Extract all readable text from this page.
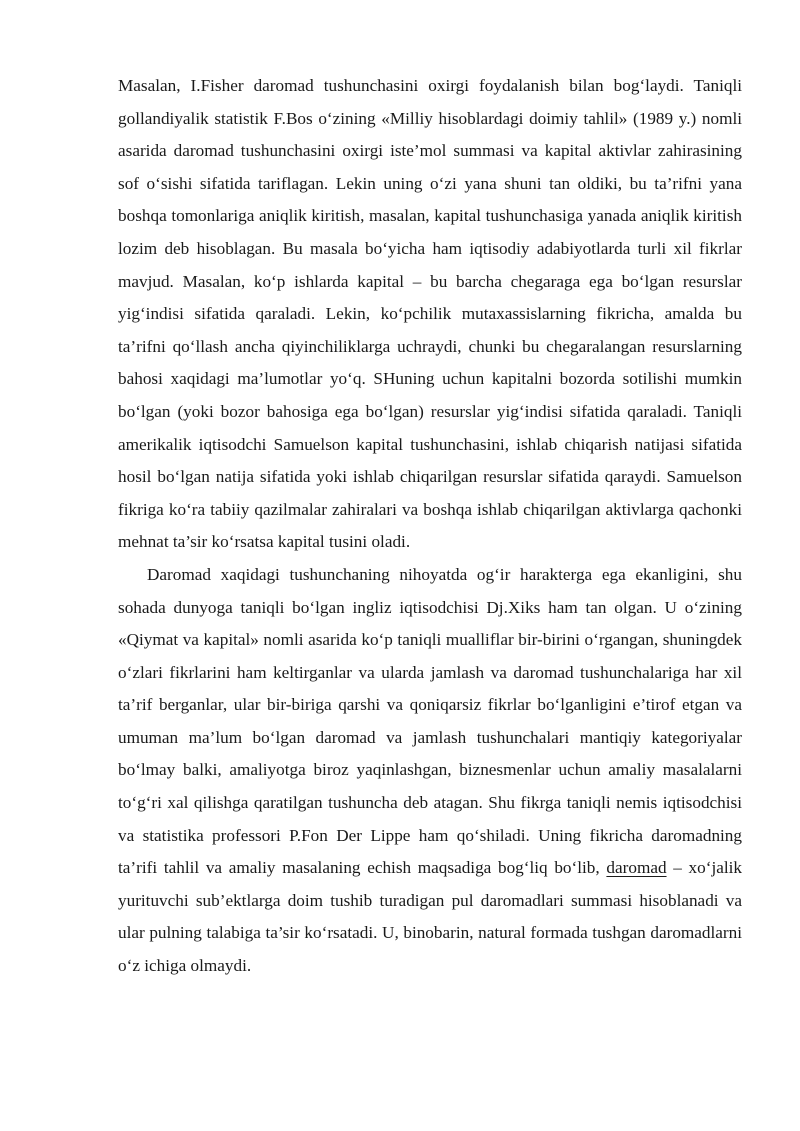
Masalan, I.Fisher daromad tushunchasini oxirgi foydalanish bilan bog‘laydi. Taniqli gollandiyalik statistik F.Bos o‘zining «Milliy hisoblardagi doimiy tahlil» (1989 y.) nomli asarida daromad tushunchasini oxirgi iste’mol summasi va kapital aktivlar zahirasining sof o‘sishi sifatida tariflagan. Lekin uning o‘zi yana shuni tan oldiki, bu ta’rifni yana boshqa tomonlariga aniqlik kiritish, masalan, kapital tushunchasiga yanada aniqlik kiritish lozim deb hisoblagan. Bu masala bo‘yicha ham iqtisodiy adabiyotlarda turli xil fikrlar mavjud. Masalan, ko‘p ishlarda kapital – bu barcha chegaraga ega bo‘lgan resurslar yig‘indisi sifatida qaraladi. Lekin, ko‘pchilik mutaxassislarning fikricha, amalda bu ta’rifni qo‘llash ancha qiyinchiliklarga uchraydi, chunki bu chegaralangan resurslarning bahosi xaqidagi ma’lumotlar yo‘q. SHuning uchun kapitalni bozorda sotilishi mumkin bo‘lgan (yoki bozor bahosiga ega bo‘lgan) resurslar yig‘indisi sifatida qaraladi. Taniqli amerikalik iqtisodchi Samuelson kapital tushunchasini, ishlab chiqarish natijasi sifatida hosil bo‘lgan natija sifatida yoki ishlab chiqarilgan resurslar sifatida qaraydi. Samuelson fikriga ko‘ra tabiiy qazilmalar zahiralari va boshqa ishlab chiqarilgan aktivlarga qachonki mehnat ta’sir ko‘rsatsa kapital tusini oladi.

Daromad xaqidagi tushunchaning nihoyatda og‘ir harakterga ega ekanligini, shu sohada dunyoga taniqli bo‘lgan ingliz iqtisodchisi Dj.Xiks ham tan olgan. U o‘zining «Qiymat va kapital» nomli asarida ko‘p taniqli mualliflar bir-birini o‘rgangan, shuningdek o‘zlari fikrlarini ham keltirganlar va ularda jamlash va daromad tushunchalariga har xil ta’rif berganlar, ular bir-biriga qarshi va qoniqarsiz fikrlar bo‘lganligini e’tirof etgan va umuman ma’lum bo‘lgan daromad va jamlash tushunchalari mantiqiy kategoriyalar bo‘lmay balki, amaliyotga biroz yaqinlashgan, biznesmenlar uchun amaliy masalalarni to‘g‘ri xal qilishga qaratilgan tushuncha deb atagan. Shu fikrga taniqli nemis iqtisodchisi va statistika professori P.Fon Der Lippe ham qo‘shiladi. Uning fikricha daromadning ta’rifi tahlil va amaliy masalaning echish maqsadiga bog‘liq bo‘lib, daromad – xo‘jalik yurituvchi sub’ektlarga doim tushib turadigan pul daromadlari summasi hisoblanadi va ular pulning talabiga ta’sir ko‘rsatadi. U, binobarin, natural formada tushgan daromadlarni o‘z ichiga olmaydi.
